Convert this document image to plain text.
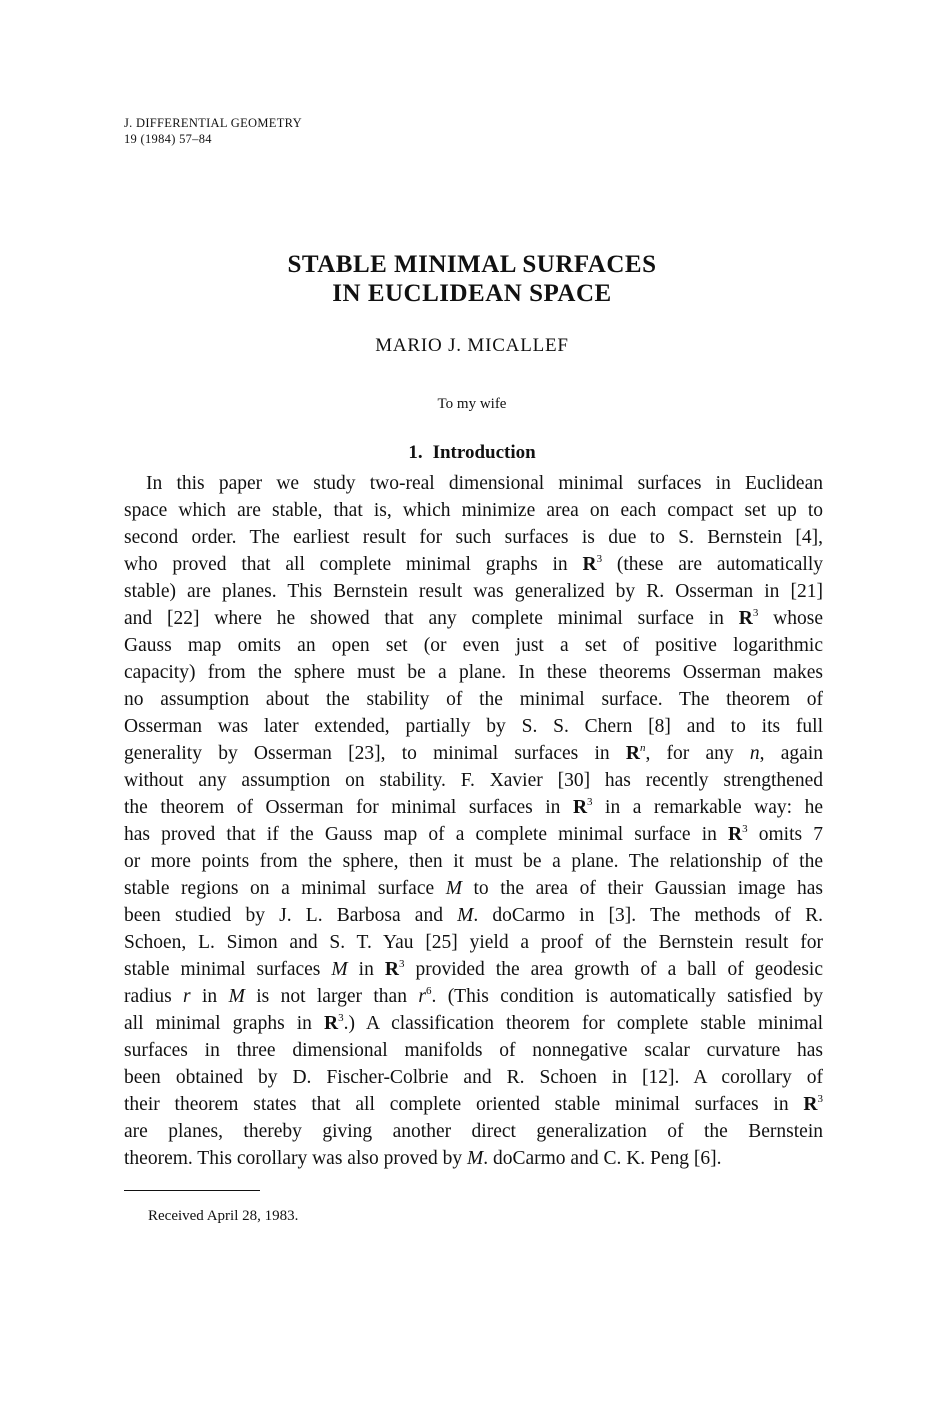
J. DIFFERENTIAL GEOMETRY
19 (1984) 57–84
STABLE MINIMAL SURFACES
IN EUCLIDEAN SPACE
MARIO J. MICALLEF
To my wife
1. Introduction
In this paper we study two-real dimensional minimal surfaces in Euclidean
space which are stable, that is, which minimize area on each compact set up to
second order. The earliest result for such surfaces is due to S. Bernstein [4],
who proved that all complete minimal graphs in $R^3$ (these are automatically
stable) are planes. This Bernstein result was generalized by R. Osserman in [21]
and [22] where he showed that any complete minimal surface in $R^3$ whose
Gauss map omits an open set (or even just a set of positive logarithmic
capacity) from the sphere must be a plane. In these theorems Osserman makes
no assumption about the stability of the minimal surface. The theorem of
Osserman was later extended, partially by S. S. Chern [8] and to its full
generality by Osserman [23], to minimal surfaces in $R^n$, for any n, again
without any assumption on stability. F. Xavier [30] has recently strengthened
the theorem of Osserman for minimal surfaces in $R^3$ in a remarkable way: he
has proved that if the Gauss map of a complete minimal surface in $R^3$ omits 7
or more points from the sphere, then it must be a plane. The relationship of the
stable regions on a minimal surface M to the area of their Gaussian image has
been studied by J. L. Barbosa and M. doCarmo in [3]. The methods of R.
Schoen, L. Simon and S. T. Yau [25] yield a proof of the Bernstein result for
stable minimal surfaces M in $R^3$ provided the area growth of a ball of geodesic
radius r in M is not larger than $r^6$. (This condition is automatically satisfied by
all minimal graphs in $R^3$.) A classification theorem for complete stable minimal
surfaces in three dimensional manifolds of nonnegative scalar curvature has
been obtained by D. Fischer-Colbrie and R. Schoen in [12]. A corollary of
their theorem states that all complete oriented stable minimal surfaces in $R^3$
are planes, thereby giving another direct generalization of the Bernstein
theorem. This corollary was also proved by M. doCarmo and C. K. Peng [6].
Received April 28, 1983.
